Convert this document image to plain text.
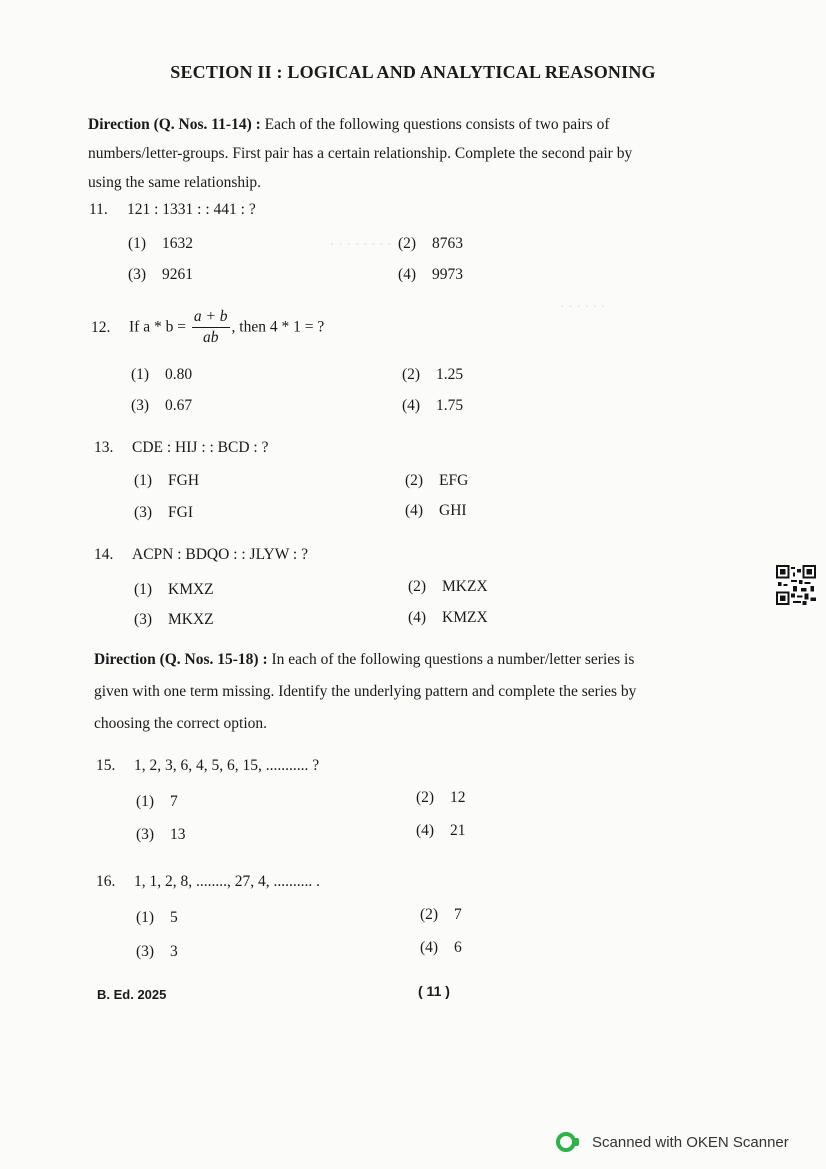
· · · · · · · ·
· · · · · ·
SECTION II : LOGICAL AND ANALYTICAL REASONING
Direction (Q. Nos. 11-14) : Each of the following questions consists of two pairs of
numbers/letter-groups. First pair has a certain relationship. Complete the second pair by
using the same relationship.
11. 121 : 1331 : : 441 : ?
(1) 1632	(2) 8763
(3) 9261	(4) 9973
12. If $a * b = \frac{a + b}{ab}$ , then 4 * 1 = ?
(1) 0.80	(2) 1.25
(3) 0.67	(4) 1.75
13. CDE : HIJ : : BCD : ?
(1) FGH	(2) EFG
(3) FGI	(4) GHI
14. ACPN : BDQO : : JLYW : ?
(1) KMXZ	(2) MKZX
(3) MKXZ	(4) KMZX
Direction (Q. Nos. 15-18) : In each of the following questions a number/letter series is
given with one term missing. Identify the underlying pattern and complete the series by
choosing the correct option.
15. 1, 2, 3, 6, 4, 5, 6, 15, ........... ?
(1) 7	(2) 12
(3) 13	(4) 21
16. 1, 1, 2, 8, ........, 27, 4, .......... .
(1) 5	(2) 7
(3) 3	(4) 6
B. Ed. 2025	( 11 )
Scanned with OKEN Scanner
